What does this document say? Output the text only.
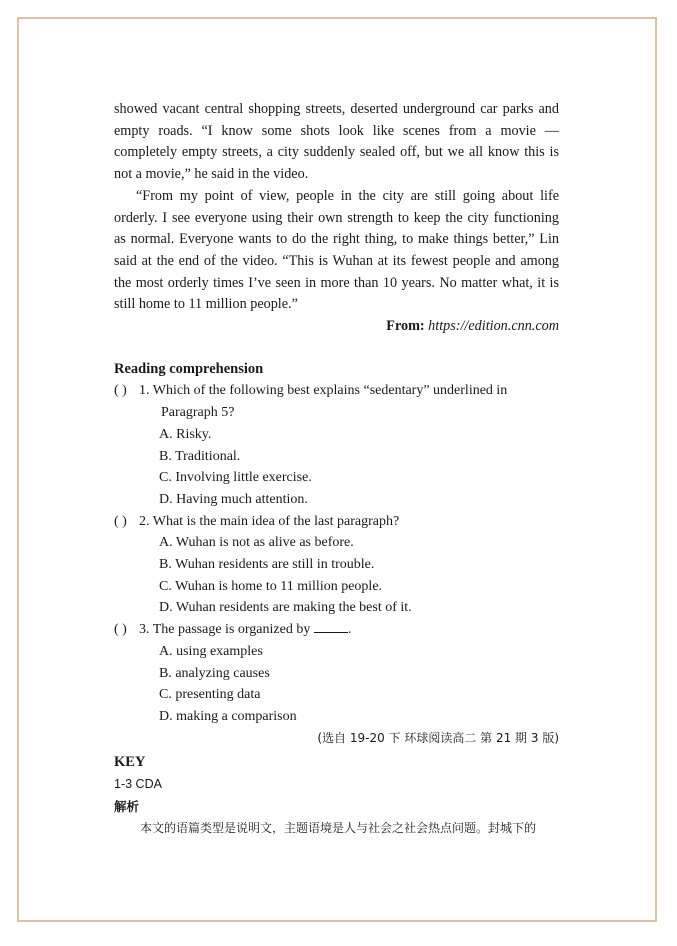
showed vacant central shopping streets, deserted underground car parks and empty roads. “I know some shots look like scenes from a movie — completely empty streets, a city suddenly sealed off, but we all know this is not a movie,” he said in the video.

“From my point of view, people in the city are still going about life orderly. I see everyone using their own strength to keep the city functioning as normal. Everyone wants to do the right thing, to make things better,” Lin said at the end of the video. “This is Wuhan at its fewest people and among the most orderly times I’ve seen in more than 10 years. No matter what, it is still home to 11 million people.”

From: https://edition.cnn.com

Reading comprehension

( ) 1. Which of the following best explains “sedentary” underlined in

Paragraph 5?

A. Risky.

B. Traditional.

C. Involving little exercise.

D. Having much attention.

( ) 2. What is the main idea of the last paragraph?

A. Wuhan is not as alive as before.

B. Wuhan residents are still in trouble.

C. Wuhan is home to 11 million people.

D. Wuhan residents are making the best of it.

( ) 3. The passage is organized by	.

A. using examples

B. analyzing causes

C. presenting data

D. making a comparison

(选自 19-20 下 环球阅读高二 第 21 期 3 版)

KEY

1-3 CDA

解析

本文的语篇类型是说明文，主题语境是人与社会之社会热点问题。封城下的
